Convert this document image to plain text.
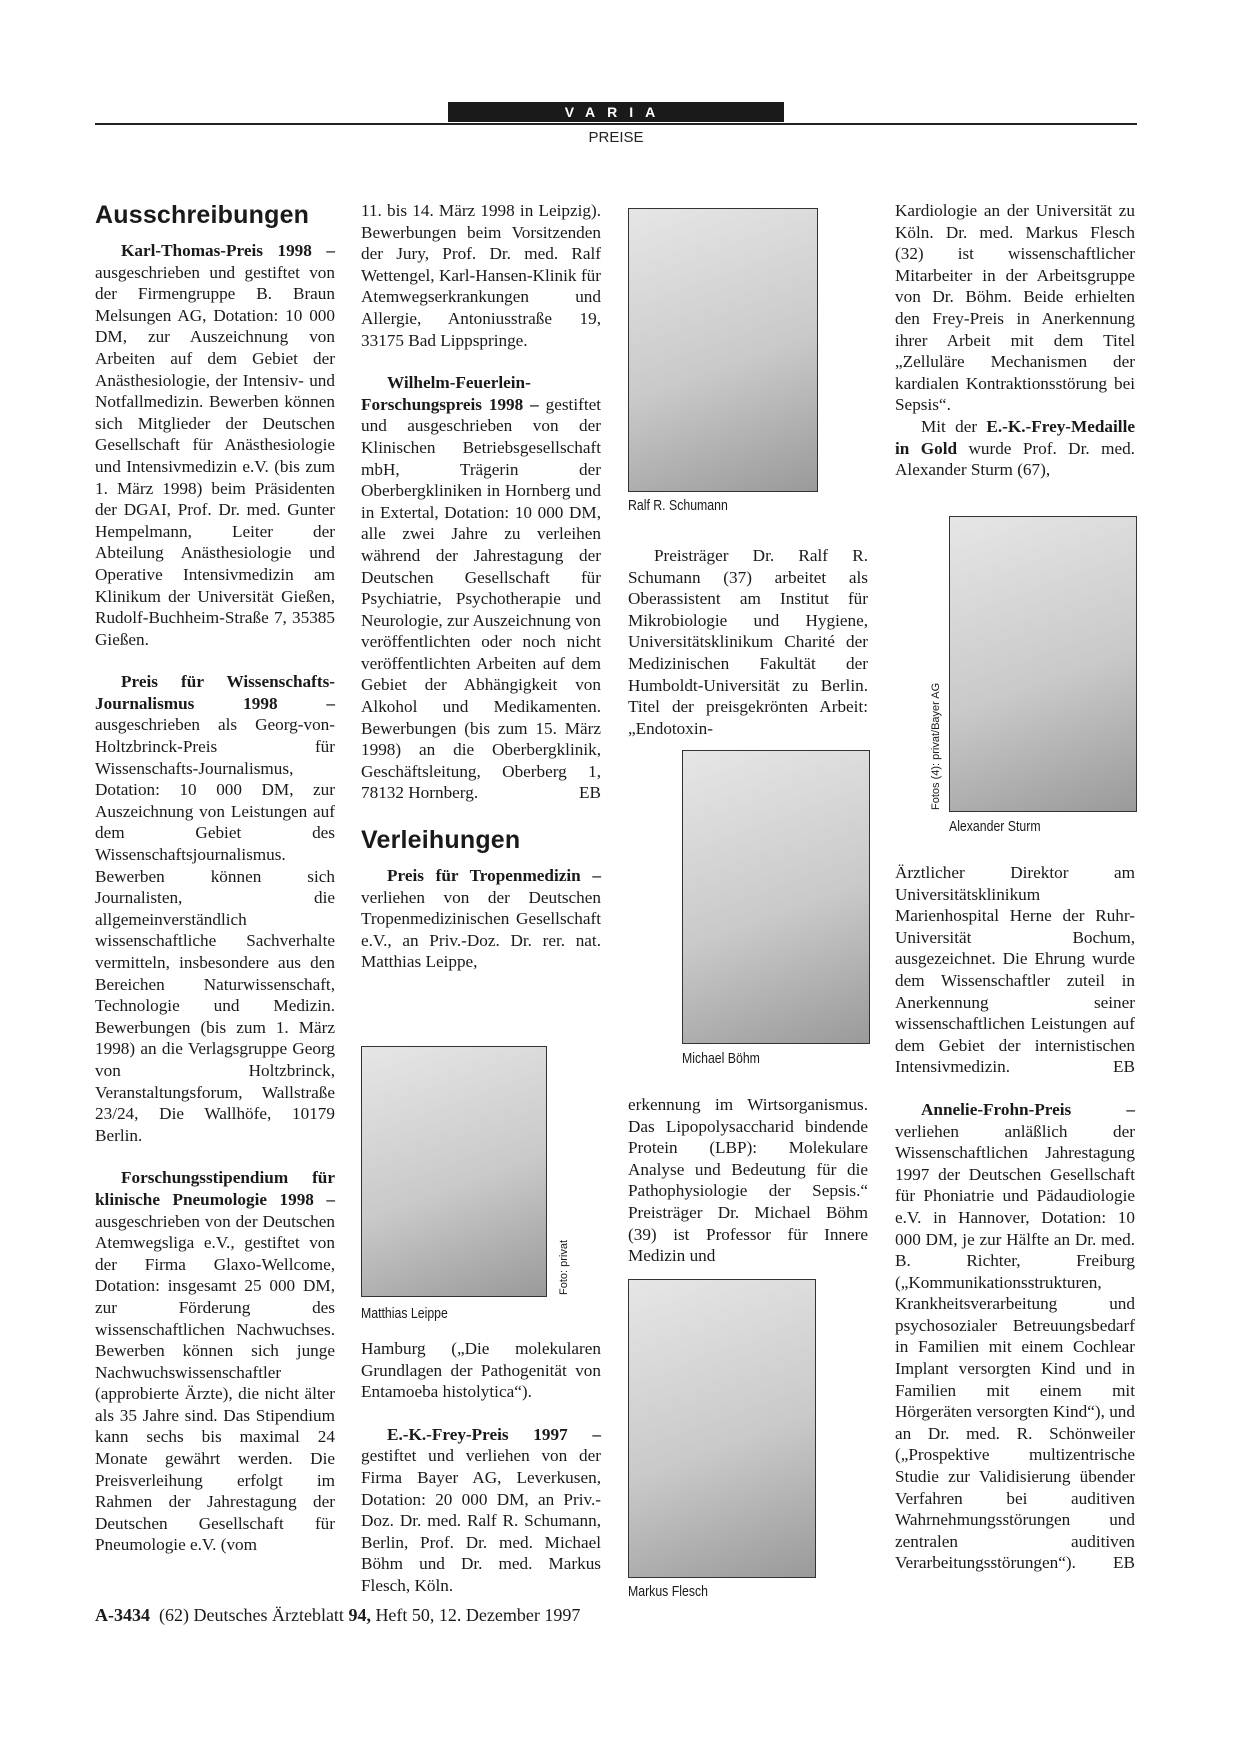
VARIA
PREISE
Ausschreibungen

Karl-Thomas-Preis 1998 – ausgeschrieben und gestiftet von der Firmengruppe B. Braun Melsungen AG, Dotation: 10 000 DM, zur Auszeichnung von Arbeiten auf dem Gebiet der Anästhesiologie, der Intensiv- und Notfallmedizin. Bewerben können sich Mitglieder der Deutschen Gesellschaft für Anästhesiologie und Intensivmedizin e.V. (bis zum 1. März 1998) beim Präsidenten der DGAI, Prof. Dr. med. Gunter Hempelmann, Leiter der Abteilung Anästhesiologie und Operative Intensivmedizin am Klinikum der Universität Gießen, Rudolf-Buchheim-Straße 7, 35385 Gießen.

Preis für Wissenschafts-Journalismus 1998 – ausgeschrieben als Georg-von-Holtzbrinck-Preis für Wissenschafts-Journalismus, Dotation: 10 000 DM, zur Auszeichnung von Leistungen auf dem Gebiet des Wissenschaftsjournalismus. Bewerben können sich Journalisten, die allgemeinverständlich wissenschaftliche Sachverhalte vermitteln, insbesondere aus den Bereichen Naturwissenschaft, Technologie und Medizin. Bewerbungen (bis zum 1. März 1998) an die Verlagsgruppe Georg von Holtzbrinck, Veranstaltungsforum, Wallstraße 23/24, Die Wallhöfe, 10179 Berlin.

Forschungsstipendium für klinische Pneumologie 1998 – ausgeschrieben von der Deutschen Atemwegsliga e.V., gestiftet von der Firma Glaxo-Wellcome, Dotation: insgesamt 25 000 DM, zur Förderung des wissenschaftlichen Nachwuchses. Bewerben können sich junge Nachwuchswissenschaftler (approbierte Ärzte), die nicht älter als 35 Jahre sind. Das Stipendium kann sechs bis maximal 24 Monate gewährt werden. Die Preisverleihung erfolgt im Rahmen der Jahrestagung der Deutschen Gesellschaft für Pneumologie e.V. (vom

11. bis 14. März 1998 in Leipzig). Bewerbungen beim Vorsitzenden der Jury, Prof. Dr. med. Ralf Wettengel, Karl-Hansen-Klinik für Atemwegserkrankungen und Allergie, Antoniusstraße 19, 33175 Bad Lippspringe.

Wilhelm-Feuerlein-Forschungspreis 1998 – gestiftet und ausgeschrieben von der Klinischen Betriebsgesellschaft mbH, Trägerin der Oberbergkliniken in Hornberg und in Extertal, Dotation: 10 000 DM, alle zwei Jahre zu verleihen während der Jahrestagung der Deutschen Gesellschaft für Psychiatrie, Psychotherapie und Neurologie, zur Auszeichnung von veröffentlichten oder noch nicht veröffentlichten Arbeiten auf dem Gebiet der Abhängigkeit von Alkohol und Medikamenten. Bewerbungen (bis zum 15. März 1998) an die Oberbergklinik, Geschäftsleitung, Oberberg 1, 78132 Hornberg.	EB

Verleihungen

Preis für Tropenmedizin – verliehen von der Deutschen Tropenmedizinischen Gesellschaft e.V., an Priv.-Doz. Dr. rer. nat. Matthias Leippe,

Foto: privat
Matthias Leippe

Hamburg („Die molekularen Grundlagen der Pathogenität von Entamoeba histolytica“).

E.-K.-Frey-Preis 1997 – gestiftet und verliehen von der Firma Bayer AG, Leverkusen, Dotation: 20 000 DM, an Priv.-Doz. Dr. med. Ralf R. Schumann, Berlin, Prof. Dr. med. Michael Böhm und Dr. med. Markus Flesch, Köln.

Ralf R. Schumann

Preisträger Dr. Ralf R. Schumann (37) arbeitet als Oberassistent am Institut für Mikrobiologie und Hygiene, Universitätsklinikum Charité der Medizinischen Fakultät der Humboldt-Universität zu Berlin. Titel der preisgekrönten Arbeit: „Endotoxin-

Michael Böhm

erkennung im Wirtsorganismus. Das Lipopolysaccharid bindende Protein (LBP): Molekulare Analyse und Bedeutung für die Pathophysiologie der Sepsis.“ Preisträger Dr. Michael Böhm (39) ist Professor für Innere Medizin und

Markus Flesch

Kardiologie an der Universität zu Köln. Dr. med. Markus Flesch (32) ist wissenschaftlicher Mitarbeiter in der Arbeitsgruppe von Dr. Böhm. Beide erhielten den Frey-Preis in Anerkennung ihrer Arbeit mit dem Titel „Zelluläre Mechanismen der kardialen Kontraktionsstörung bei Sepsis“.

Mit der E.-K.-Frey-Medaille in Gold wurde Prof. Dr. med. Alexander Sturm (67),

Fotos (4): privat/Bayer AG
Alexander Sturm

Ärztlicher Direktor am Universitätsklinikum Marienhospital Herne der Ruhr-Universität Bochum, ausgezeichnet. Die Ehrung wurde dem Wissenschaftler zuteil in Anerkennung seiner wissenschaftlichen Leistungen auf dem Gebiet der internistischen Intensivmedizin.	EB

Annelie-Frohn-Preis – verliehen anläßlich der Wissenschaftlichen Jahrestagung 1997 der Deutschen Gesellschaft für Phoniatrie und Pädaudiologie e.V. in Hannover, Dotation: 10 000 DM, je zur Hälfte an Dr. med. B. Richter, Freiburg („Kommunikationsstrukturen, Krankheitsverarbeitung und psychosozialer Betreuungsbedarf in Familien mit einem Cochlear Implant versorgten Kind und in Familien mit einem mit Hörgeräten versorgten Kind“), und an Dr. med. R. Schönweiler („Prospektive multizentrische Studie zur Validisierung übender Verfahren bei auditiven Wahrnehmungsstörungen und zentralen auditiven Verarbeitungsstörungen“).	EB

A-3434 (62) Deutsches Ärzteblatt 94, Heft 50, 12. Dezember 1997
